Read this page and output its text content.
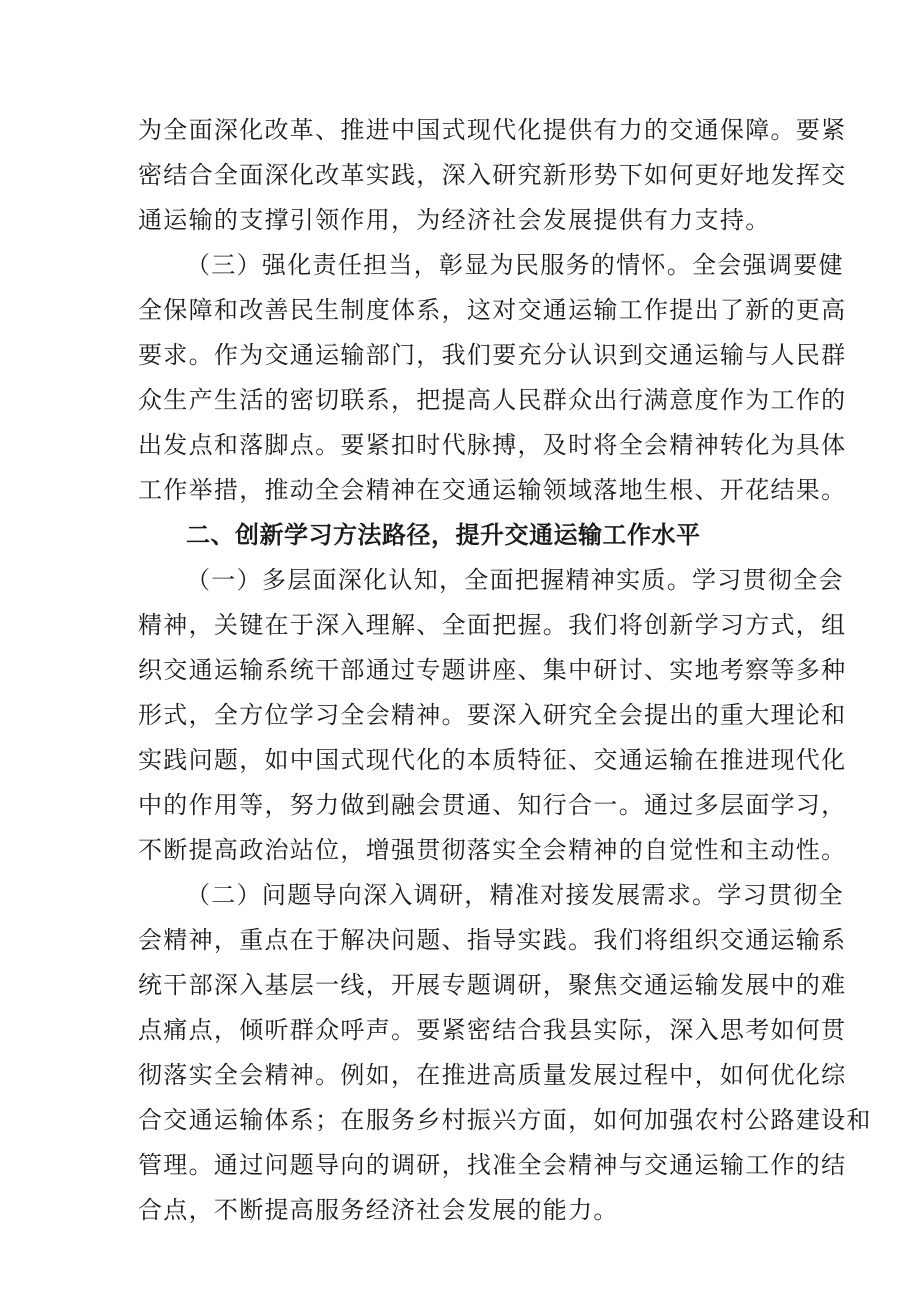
为全面深化改革、推进中国式现代化提供有力的交通保障。要紧

密结合全面深化改革实践，深入研究新形势下如何更好地发挥交

通运输的支撑引领作用，为经济社会发展提供有力支持。

（三）强化责任担当，彰显为民服务的情怀。全会强调要健

全保障和改善民生制度体系，这对交通运输工作提出了新的更高

要求。作为交通运输部门，我们要充分认识到交通运输与人民群

众生产生活的密切联系，把提高人民群众出行满意度作为工作的

出发点和落脚点。要紧扣时代脉搏，及时将全会精神转化为具体

工作举措，推动全会精神在交通运输领域落地生根、开花结果。

二、创新学习方法路径，提升交通运输工作水平

（一）多层面深化认知，全面把握精神实质。学习贯彻全会

精神，关键在于深入理解、全面把握。我们将创新学习方式，组

织交通运输系统干部通过专题讲座、集中研讨、实地考察等多种

形式，全方位学习全会精神。要深入研究全会提出的重大理论和

实践问题，如中国式现代化的本质特征、交通运输在推进现代化

中的作用等，努力做到融会贯通、知行合一。通过多层面学习，

不断提高政治站位，增强贯彻落实全会精神的自觉性和主动性。

（二）问题导向深入调研，精准对接发展需求。学习贯彻全

会精神，重点在于解决问题、指导实践。我们将组织交通运输系

统干部深入基层一线，开展专题调研，聚焦交通运输发展中的难

点痛点，倾听群众呼声。要紧密结合我县实际，深入思考如何贯

彻落实全会精神。例如，在推进高质量发展过程中，如何优化综

合交通运输体系；在服务乡村振兴方面，如何加强农村公路建设和

管理。通过问题导向的调研，找准全会精神与交通运输工作的结

合点，不断提高服务经济社会发展的能力。
